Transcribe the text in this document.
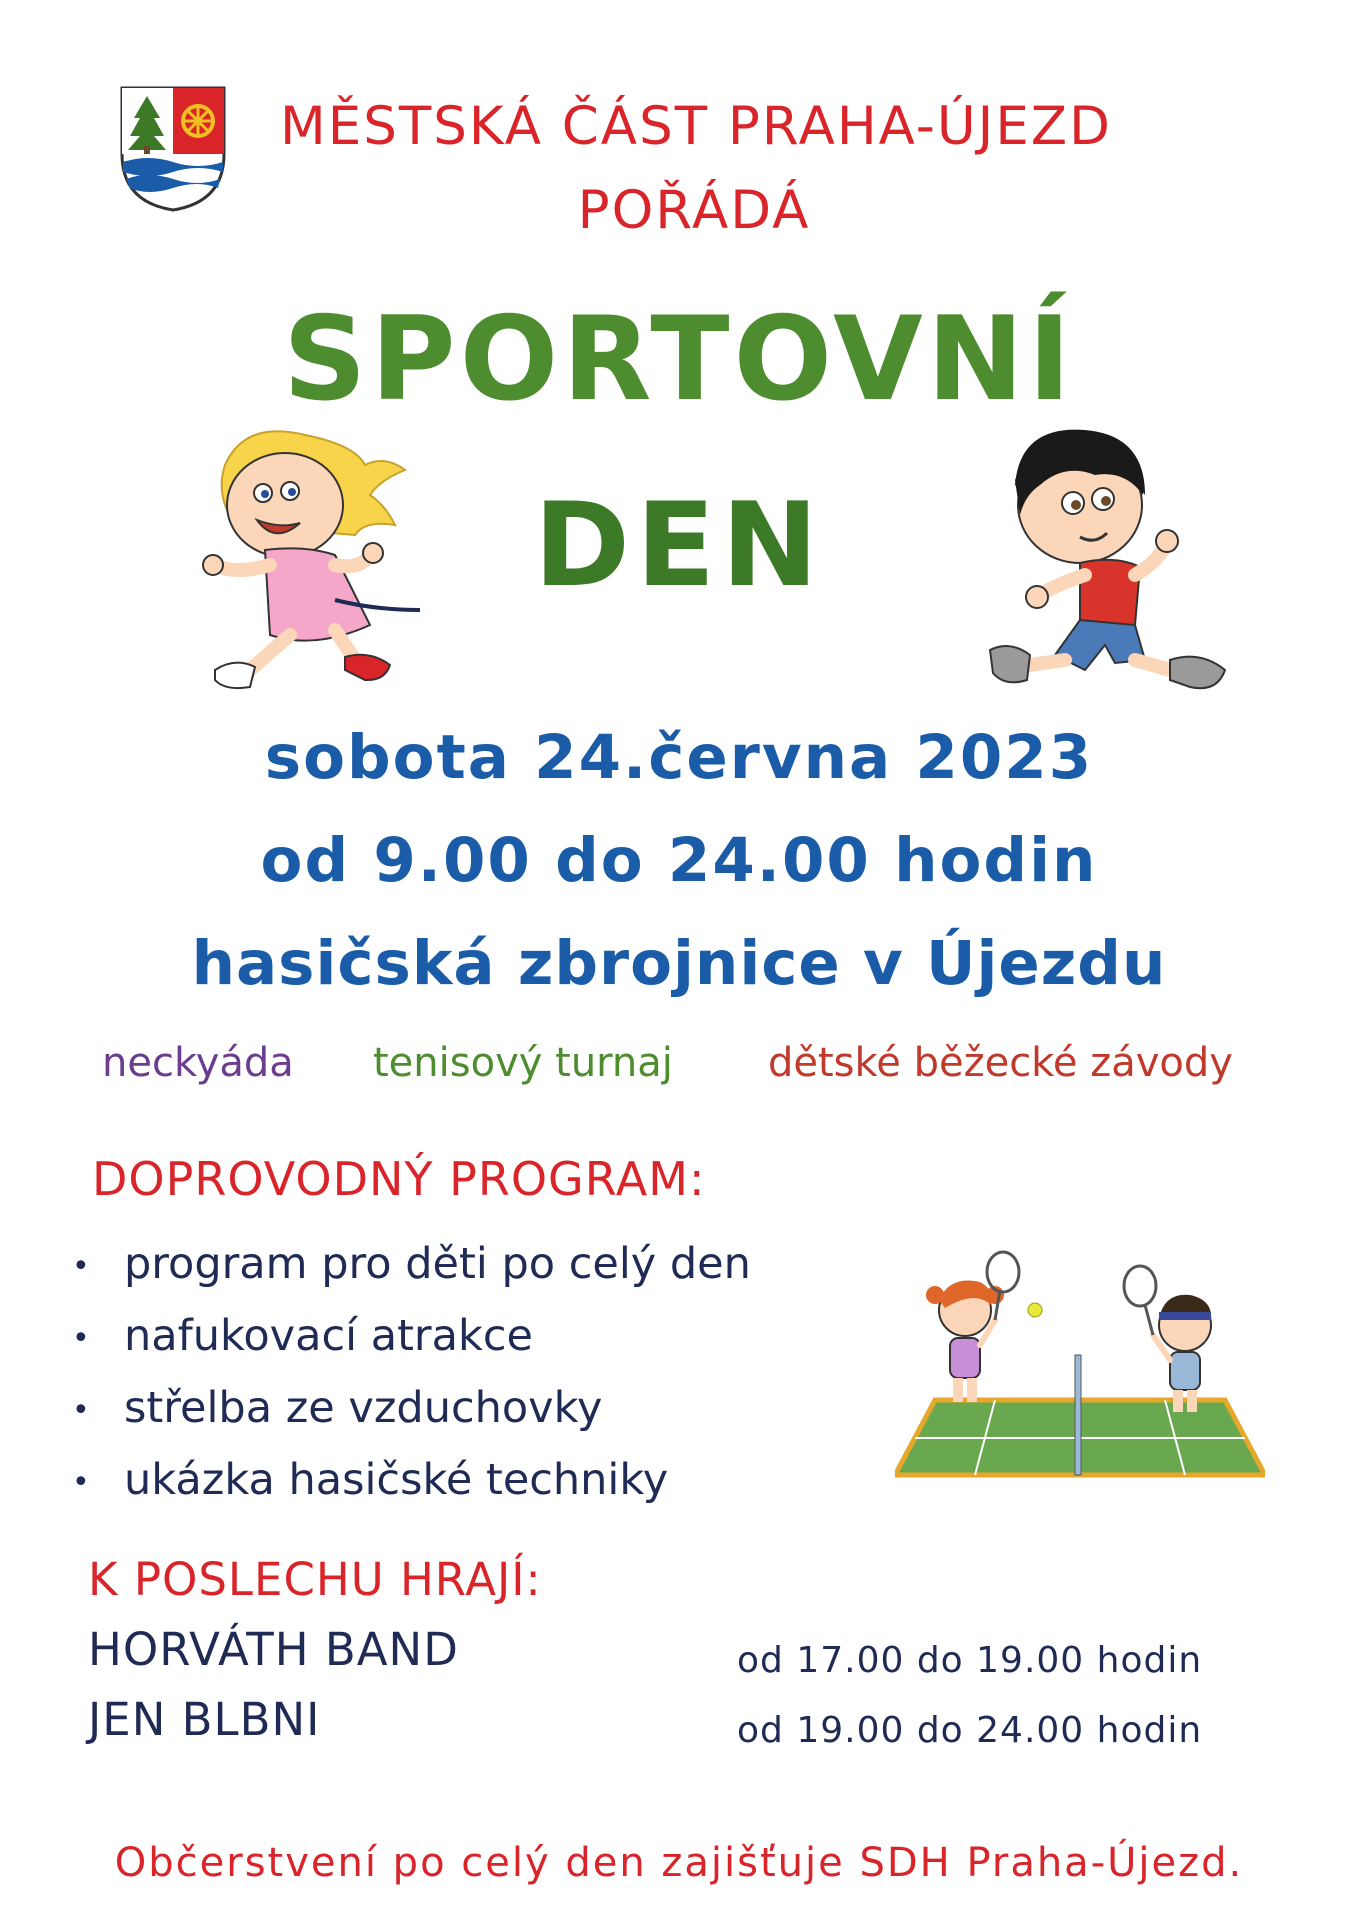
MĚSTSKÁ ČÁST PRAHA-ÚJEZD
POŘÁDÁ
SPORTOVNÍ
DEN
sobota 24.června 2023
od 9.00 do 24.00 hodin
hasičská zbrojnice v Újezdu
neckyáda tenisový turnaj dětské běžecké závody
DOPROVODNÝ PROGRAM:
• program pro děti po celý den
• nafukovací atrakce
• střelba ze vzduchovky
• ukázka hasičské techniky
K POSLECHU HRAJÍ:
HORVÁTH BAND	od 17.00 do 19.00 hodin
JEN BLBNI	od 19.00 do 24.00 hodin
Občerstvení po celý den zajišťuje SDH Praha-Újezd.
